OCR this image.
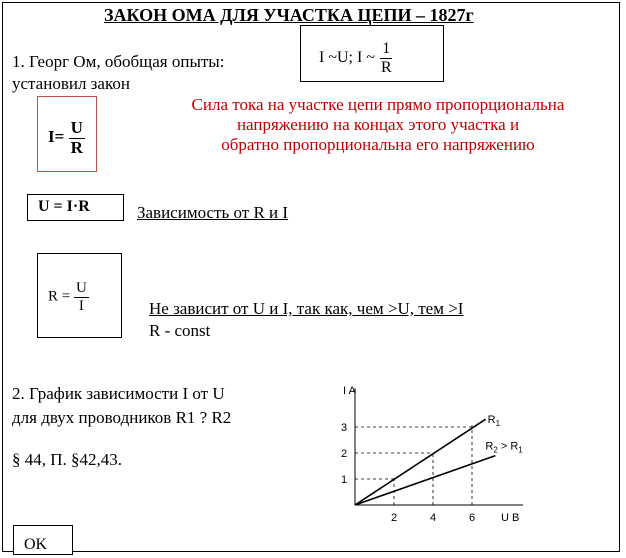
ЗАКОН ОМА ДЛЯ УЧАСТКА ЦЕПИ – 1827г
1. Георг Ом, обобщая опыты:
установил закон
I ~U; I ~ $\frac{1}{R}$
$I= \frac{U}{R}$
Сила тока на участке цепи прямо пропорциональна
напряжению на концах этого участка и
обратно пропорциональна его напряжению
U = I·R	Зависимость от R и I
$R = \frac{U}{I}$	Не зависит от U и I, так как, чем >U, тем >I
R - const
2. График зависимости I от U
для двух проводников R1 ? R2
§ 44, П. §42,43.
I A
U B
2	4	6
1
2
3
$R_1$
$R_2 > R_1$
OK
